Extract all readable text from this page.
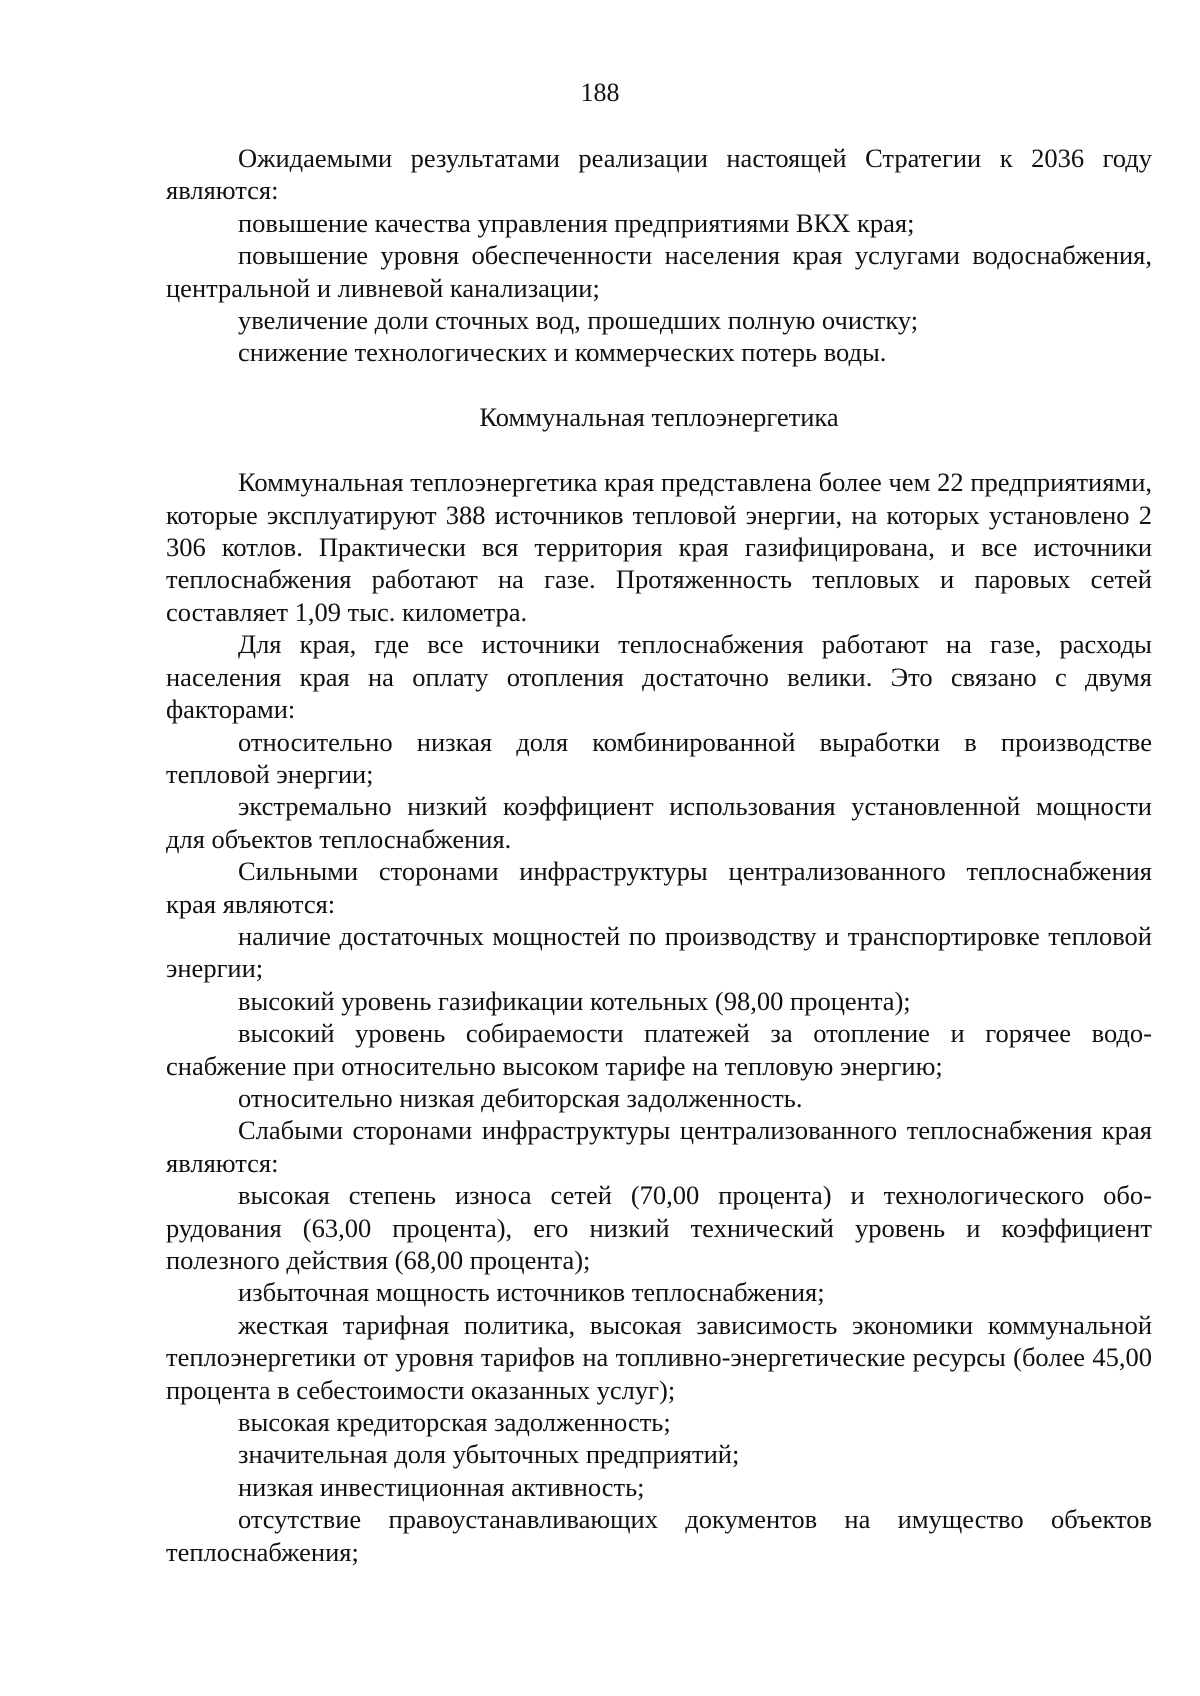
188

Ожидаемыми результатами реализации настоящей Стратегии к 2036 году являются:

повышение качества управления предприятиями ВКХ края;

повышение уровня обеспеченности населения края услугами водоснабжения, центральной и ливневой канализации;

увеличение доли сточных вод, прошедших полную очистку;

снижение технологических и коммерческих потерь воды.

Коммунальная теплоэнергетика

Коммунальная теплоэнергетика края представлена более чем 22 предприятиями, которые эксплуатируют 388 источников тепловой энергии, на которых установлено 2 306 котлов. Практически вся территория края газифицирована, и все источники теплоснабжения работают на газе. Протяженность тепловых и паровых сетей составляет 1,09 тыс. километра.

Для края, где все источники теплоснабжения работают на газе, расходы населения края на оплату отопления достаточно велики. Это связано с двумя факторами:

относительно низкая доля комбинированной выработки в производстве тепловой энергии;

экстремально низкий коэффициент использования установленной мощности для объектов теплоснабжения.

Сильными сторонами инфраструктуры централизованного теплоснабжения края являются:

наличие достаточных мощностей по производству и транспортировке тепловой энергии;

высокий уровень газификации котельных (98,00 процента);

высокий уровень собираемости платежей за отопление и горячее водоснабжение при относительно высоком тарифе на тепловую энергию;

относительно низкая дебиторская задолженность.

Слабыми сторонами инфраструктуры централизованного теплоснабжения края являются:

высокая степень износа сетей (70,00 процента) и технологического оборудования (63,00 процента), его низкий технический уровень и коэффициент полезного действия (68,00 процента);

избыточная мощность источников теплоснабжения;

жесткая тарифная политика, высокая зависимость экономики коммунальной теплоэнергетики от уровня тарифов на топливно-энергетические ресурсы (более 45,00 процента в себестоимости оказанных услуг);

высокая кредиторская задолженность;

значительная доля убыточных предприятий;

низкая инвестиционная активность;

отсутствие правоустанавливающих документов на имущество объектов теплоснабжения;
